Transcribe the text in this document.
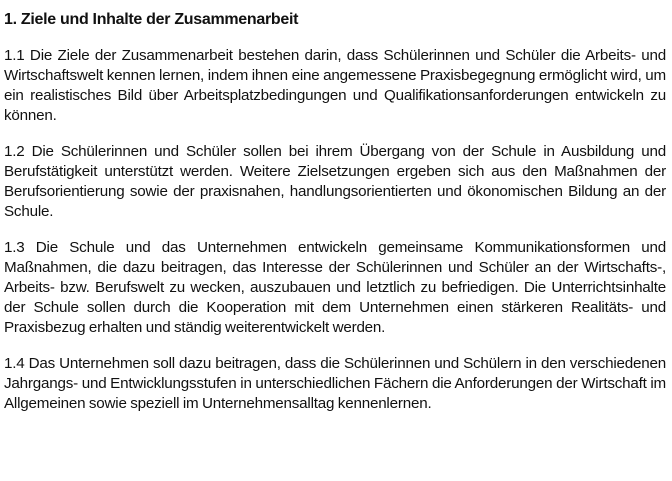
1. Ziele und Inhalte der Zusammenarbeit

1.1 Die Ziele der Zusammenarbeit bestehen darin, dass Schülerinnen und Schüler die Arbeits- und Wirtschaftswelt kennen lernen, indem ihnen eine angemessene Praxisbegegnung ermöglicht wird, um ein realistisches Bild über Arbeitsplatzbedingungen und Qualifikationsanforderungen entwickeln zu können.

1.2 Die Schülerinnen und Schüler sollen bei ihrem Übergang von der Schule in Ausbildung und Berufstätigkeit unterstützt werden. Weitere Zielsetzungen ergeben sich aus den Maßnahmen der Berufsorientierung sowie der praxisnahen, handlungsorientierten und ökonomischen Bildung an der Schule.

1.3 Die Schule und das Unternehmen entwickeln gemeinsame Kommunikationsformen und Maßnahmen, die dazu beitragen, das Interesse der Schülerinnen und Schüler an der Wirtschafts-, Arbeits- bzw. Berufswelt zu wecken, auszubauen und letztlich zu befriedigen. Die Unterrichtsinhalte der Schule sollen durch die Kooperation mit dem Unternehmen einen stärkeren Realitäts- und Praxisbezug erhalten und ständig weiterentwickelt werden.

1.4 Das Unternehmen soll dazu beitragen, dass die Schülerinnen und Schülern in den verschiedenen Jahrgangs- und Entwicklungsstufen in unterschiedlichen Fächern die Anforderungen der Wirtschaft im Allgemeinen sowie speziell im Unternehmensalltag kennenlernen.
